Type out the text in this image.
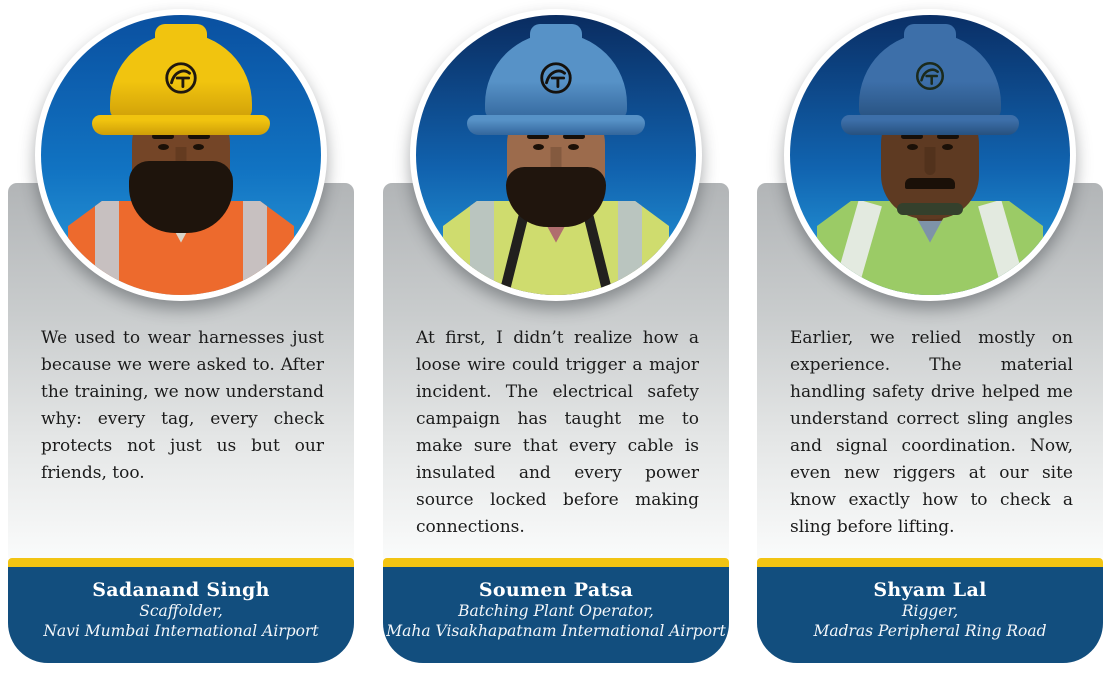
We used to wear harnesses just because we were asked to. After the training, we now understand why: every tag, every check protects not just us but our friends, too.
Sadanand Singh
Scaffolder,
Navi Mumbai International Airport
At first, I didn’t realize how a loose wire could trigger a major incident. The electrical safety campaign has taught me to make sure that every cable is insulated and every power source locked before making connections.
Soumen Patsa
Batching Plant Operator,
Maha Visakhapatnam International Airport
Earlier, we relied mostly on experience. The material handling safety drive helped me understand correct sling angles and signal coordination. Now, even new riggers at our site know exactly how to check a sling before lifting.
Shyam Lal
Rigger,
Madras Peripheral Ring Road
